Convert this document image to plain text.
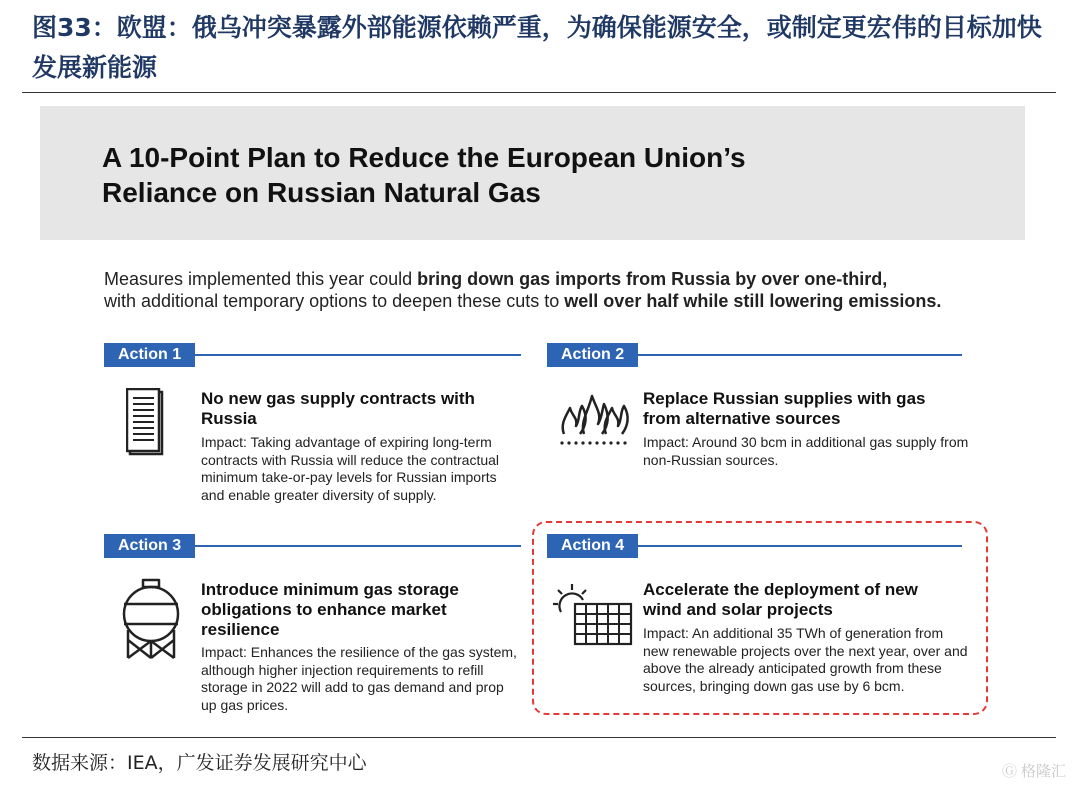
图33：欧盟：俄乌冲突暴露外部能源依赖严重，为确保能源安全，或制定更宏伟的目标加快发展新能源
A 10-Point Plan to Reduce the European Union’s
Reliance on Russian Natural Gas
Measures implemented this year could bring down gas imports from Russia by over one-third,
with additional temporary options to deepen these cuts to well over half while still lowering emissions.
Action 1
No new gas supply contracts with Russia
Impact: Taking advantage of expiring long-term contracts with Russia will reduce the contractual minimum take-or-pay levels for Russian imports and enable greater diversity of supply.
Action 2
Replace Russian supplies with gas from alternative sources
Impact: Around 30 bcm in additional gas supply from non-Russian sources.
Action 3
Introduce minimum gas storage obligations to enhance market resilience
Impact: Enhances the resilience of the gas system, although higher injection requirements to refill storage in 2022 will add to gas demand and prop up gas prices.
Action 4
Accelerate the deployment of new wind and solar projects
Impact: An additional 35 TWh of generation from new renewable projects over the next year, over and above the already anticipated growth from these sources, bringing down gas use by 6 bcm.
数据来源：IEA，广发证券发展研究中心	Ⓖ 格隆汇
